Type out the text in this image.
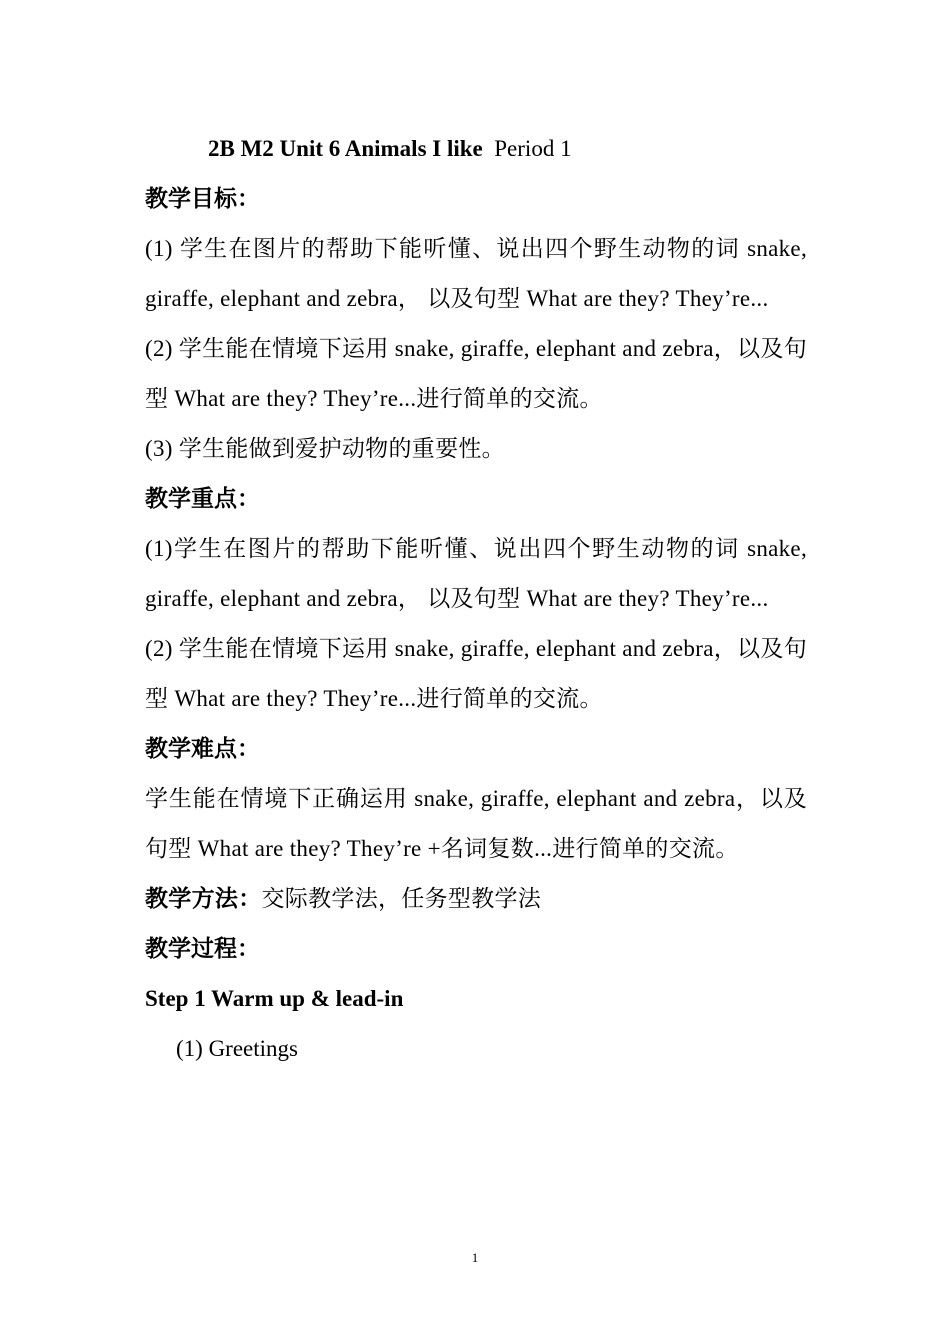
2B M2 Unit 6 Animals I like Period 1
教学目标：
(1) 学生在图片的帮助下能听懂、说出四个野生动物的词 snake, giraffe, elephant and zebra， 以及句型 What are they? They’re...
(2) 学生能在情境下运用 snake, giraffe, elephant and zebra，以及句型 What are they? They’re...进行简单的交流。
(3) 学生能做到爱护动物的重要性。
教学重点：
(1)学生在图片的帮助下能听懂、说出四个野生动物的词 snake, giraffe, elephant and zebra， 以及句型 What are they? They’re...
(2) 学生能在情境下运用 snake, giraffe, elephant and zebra，以及句型 What are they? They’re...进行简单的交流。
教学难点：
学生能在情境下正确运用 snake, giraffe, elephant and zebra，以及句型 What are they? They’re +名词复数...进行简单的交流。
教学方法：交际教学法，任务型教学法
教学过程：
Step 1 Warm up & lead-in
(1) Greetings
1
